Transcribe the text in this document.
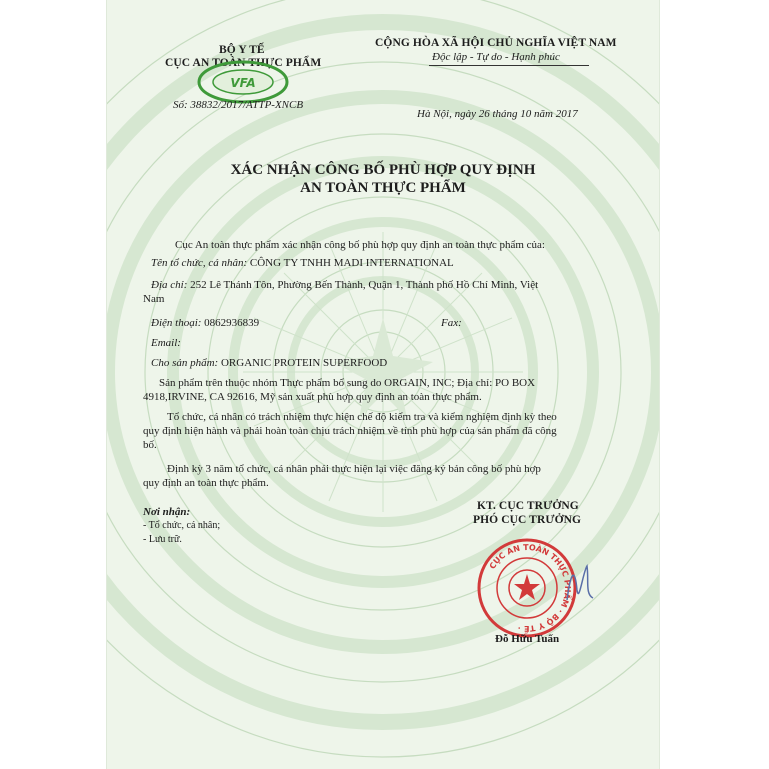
BỘ Y TẾ
CỤC AN TOÀN THỰC PHẨM
VFA
Số: 38832/2017/ATTP-XNCB
CỘNG HÒA XÃ HỘI CHỦ NGHĨA VIỆT NAM
Độc lập - Tự do - Hạnh phúc
Hà Nội, ngày 26 tháng 10 năm 2017
XÁC NHẬN CÔNG BỐ PHÙ HỢP QUY ĐỊNH
AN TOÀN THỰC PHẨM
Cục An toàn thực phẩm xác nhận công bố phù hợp quy định an toàn thực phẩm của:
Tên tổ chức, cá nhân: CÔNG TY TNHH MADI INTERNATIONAL
Địa chỉ: 252 Lê Thánh Tôn, Phường Bến Thành, Quận 1, Thành phố Hồ Chí Minh, Việt
Nam
Điện thoại: 0862936839	Fax:
Email:
Cho sản phẩm: ORGANIC PROTEIN SUPERFOOD
Sản phẩm trên thuộc nhóm Thực phẩm bổ sung do ORGAIN, INC; Địa chỉ: PO BOX
4918,IRVINE, CA 92616, Mỹ sản xuất phù hợp quy định an toàn thực phẩm.
Tổ chức, cá nhân có trách nhiệm thực hiện chế độ kiểm tra và kiểm nghiệm định kỳ theo
quy định hiện hành và phải hoàn toàn chịu trách nhiệm về tính phù hợp của sản phẩm đã công
bố.
Định kỳ 3 năm tổ chức, cá nhân phải thực hiện lại việc đăng ký bản công bố phù hợp
quy định an toàn thực phẩm.
Nơi nhận:
- Tổ chức, cá nhân;
- Lưu trữ.
KT. CỤC TRƯỞNG
PHÓ CỤC TRƯỞNG
CỤC AN TOÀN THỰC PHẨM · BỘ Y TẾ ·
Đỗ Hữu Tuấn
